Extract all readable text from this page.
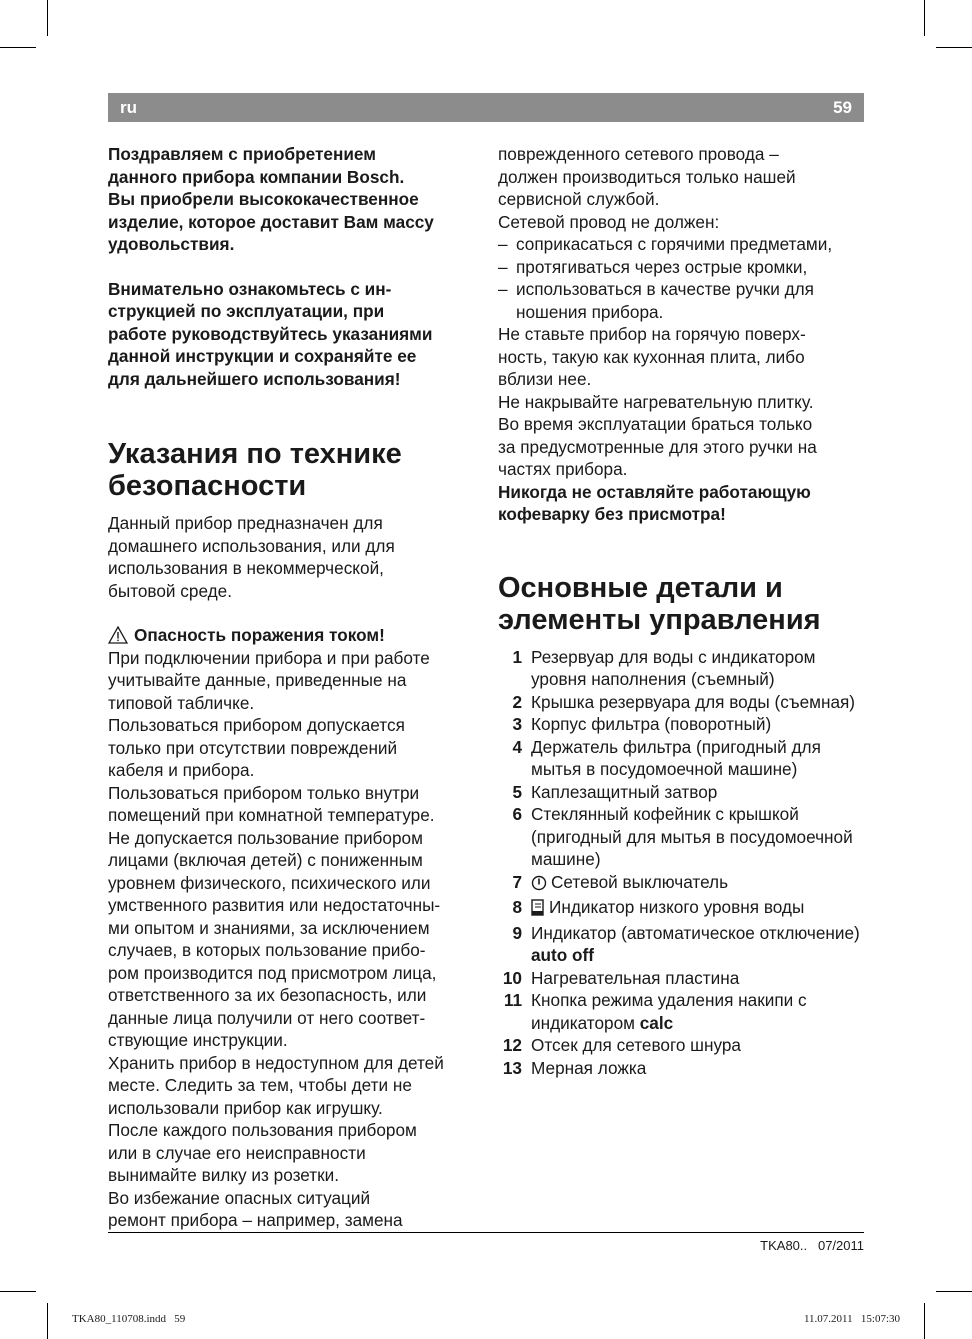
ru	59

Поздравляем с приобретением

данного прибора компании Bosch.

Вы приобрели высококачественное

изделие, которое доставит Вам массу

удовольствия.

Внимательно ознакомьтесь с ин-

струкцией по эксплуатации, при

работе руководствуйтесь указаниями

данной инструкции и сохраняйте ее

для дальнейшего использования!

Указания по технике
безопасности

Данный прибор предназначен для

домашнего использования, или для

использования в некоммерческой,

бытовой среде.

Опасность поражения током!

При подключении прибора и при работе

учитывайте данные, приведенные на

типовой табличке.

Пользоваться прибором допускается

только при отсутствии повреждений

кабеля и прибора.

Пользоваться прибором только внутри

помещений при комнатной температуре.

Не допускается пользование прибором

лицами (включая детей) с пониженным

уровнем физического, психического или

умственного развития или недостаточны-

ми опытом и знаниями, за исключением

случаев, в которых пользование прибо-

ром производится под присмотром лица,

ответственного за их безопасность, или

данные лица получили от него соответ-

ствующие инструкции.

Хранить прибор в недоступном для детей

месте. Следить за тем, чтобы дети не

использовали прибор как игрушку.

После каждого пользования прибором

или в случае его неисправности

вынимайте вилку из розетки.

Во избежание опасных ситуаций

ремонт прибора – например, замена

поврежденного сетевого провода –

должен производиться только нашей

сервисной службой.

Сетевой провод не должен:

– соприкасаться с горячими предметами,
– протягиваться через острые кромки,
– использоваться в качестве ручки для
ношения прибора.

Не ставьте прибор на горячую поверх-

ность, такую как кухонная плита, либо

вблизи нее.

Не накрывайте нагревательную плитку.

Во время эксплуатации браться только

за предусмотренные для этого ручки на

частях прибора.

Никогда не оставляйте работающую

кофеварку без присмотра!

Основные детали и
элементы управления
1 Резервуар для воды с индикатором уровня наполнения (съемный)
2 Крышка резервуара для воды (съемная)
3 Корпус фильтра (поворотный)
4 Держатель фильтра (пригодный для мытья в посудомоечной машине)
5 Каплезащитный затвор
6 Стеклянный кофейник с крышкой (пригодный для мытья в посудомоечной машине)
7	Сетевой выключатель
8	Индикатор низкого уровня воды
9 Индикатор (автоматическое отключение) auto off
10 Нагревательная пластина
11 Кнопка режима удаления накипи с индикатором calc
12 Отсек для сетевого шнура
13 Мерная ложка
TKA80.. 07/2011
TKA80_110708.indd   59	11.07.2011   15:07:30
